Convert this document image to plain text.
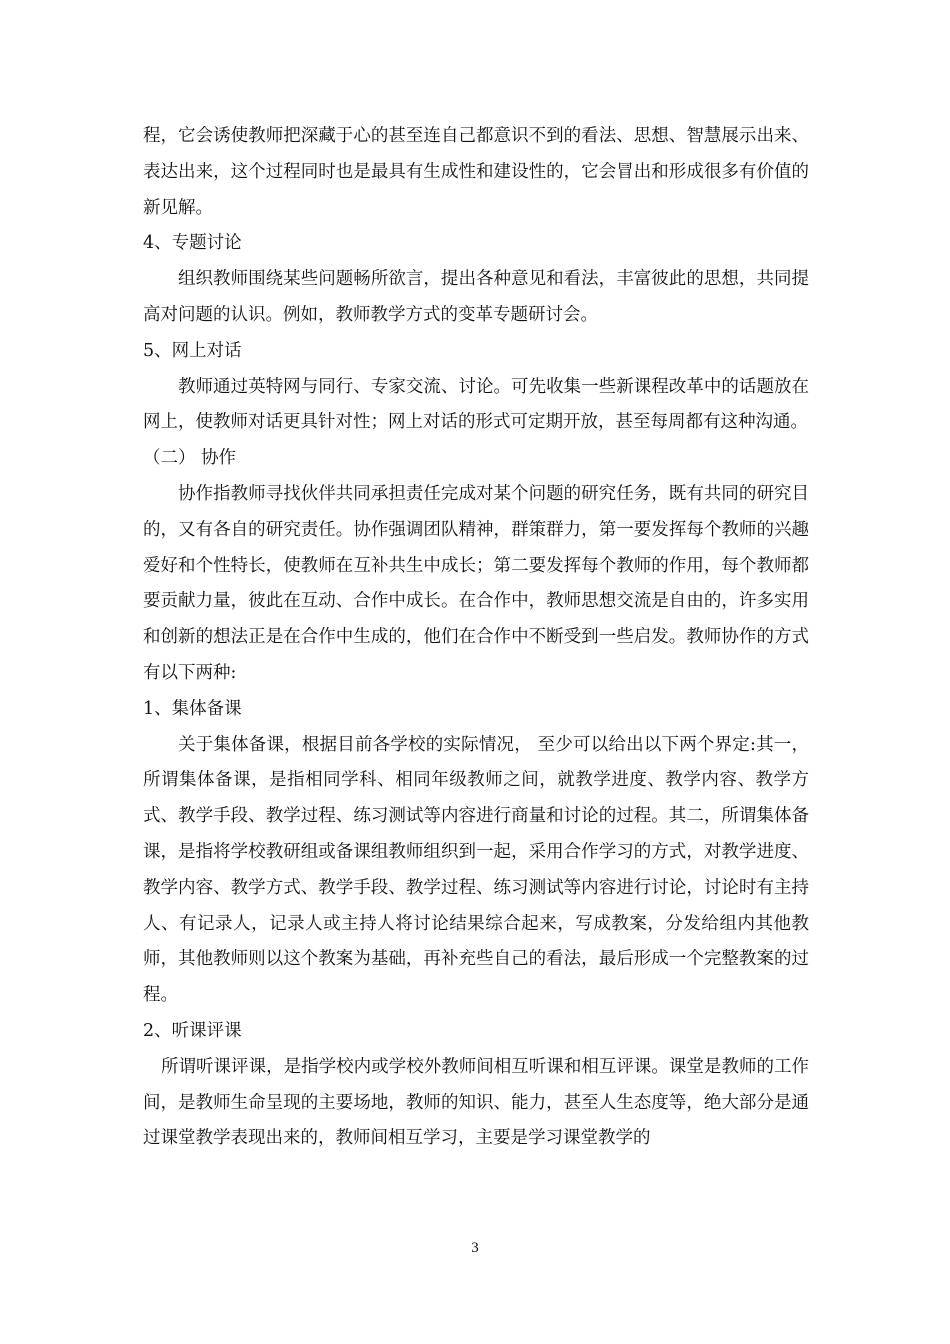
程，它会诱使教师把深藏于心的甚至连自己都意识不到的看法、思想、智慧展示出来、表达出来，这个过程同时也是最具有生成性和建设性的，它会冒出和形成很多有价值的新见解。

4、专题讨论

组织教师围绕某些问题畅所欲言，提出各种意见和看法，丰富彼此的思想，共同提高对问题的认识。例如，教师教学方式的变革专题研讨会。

5、网上对话

教师通过英特网与同行、专家交流、讨论。可先收集一些新课程改革中的话题放在网上，使教师对话更具针对性；网上对话的形式可定期开放，甚至每周都有这种沟通。

（二） 协作

协作指教师寻找伙伴共同承担责任完成对某个问题的研究任务，既有共同的研究目的，又有各自的研究责任。协作强调团队精神，群策群力，第一要发挥每个教师的兴趣爱好和个性特长，使教师在互补共生中成长；第二要发挥每个教师的作用，每个教师都要贡献力量，彼此在互动、合作中成长。在合作中，教师思想交流是自由的，许多实用和创新的想法正是在合作中生成的，他们在合作中不断受到一些启发。教师协作的方式有以下两种:

1、集体备课

关于集体备课，根据目前各学校的实际情况， 至少可以给出以下两个界定:其一，所谓集体备课，是指相同学科、相同年级教师之间，就教学进度、教学内容、教学方式、教学手段、教学过程、练习测试等内容进行商量和讨论的过程。其二，所谓集体备课，是指将学校教研组或备课组教师组织到一起，采用合作学习的方式，对教学进度、教学内容、教学方式、教学手段、教学过程、练习测试等内容进行讨论，讨论时有主持人、有记录人，记录人或主持人将讨论结果综合起来，写成教案，分发给组内其他教师，其他教师则以这个教案为基础，再补充些自己的看法，最后形成一个完整教案的过程。

2、听课评课

所谓听课评课，是指学校内或学校外教师间相互听课和相互评课。课堂是教师的工作间，是教师生命呈现的主要场地，教师的知识、能力，甚至人生态度等，绝大部分是通过课堂教学表现出来的，教师间相互学习，主要是学习课堂教学的

3
